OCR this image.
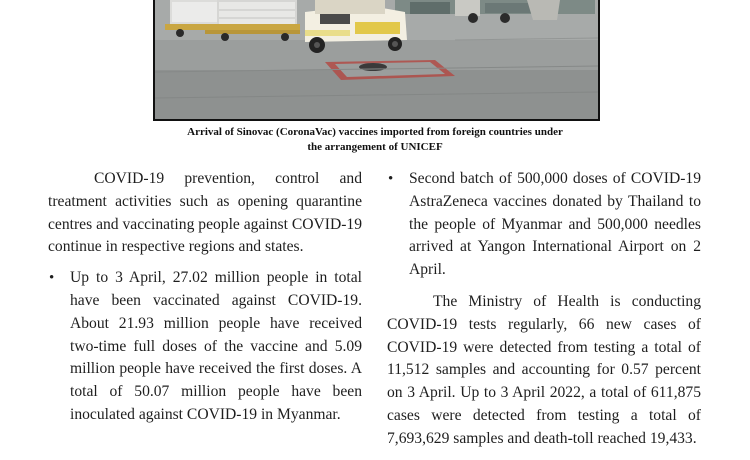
Arrival of Sinovac (CoronaVac) vaccines imported from foreign countries under
the arrangement of UNICEF

COVID-19 prevention, control and treatment activities such as opening quarantine centres and vaccinating people against COVID-19 continue in respective regions and states.

• Up to 3 April, 27.02 million people in total have been vaccinated against COVID-19. About 21.93 million people have received two-time full doses of the vaccine and 5.09 million people have received the first doses. A total of 50.07 million people have been inoculated against COVID-19 in Myanmar.
• Second batch of 500,000 doses of COVID-19 AstraZeneca vaccines donated by Thailand to the people of Myanmar and 500,000 needles arrived at Yangon International Airport on 2 April.

The Ministry of Health is conducting COVID-19 tests regularly, 66 new cases of COVID-19 were detected from testing a total of 11,512 samples and accounting for 0.57 percent on 3 April. Up to 3 April 2022, a total of 611,875 cases were detected from testing a total of 7,693,629 samples and death-toll reached 19,433.
